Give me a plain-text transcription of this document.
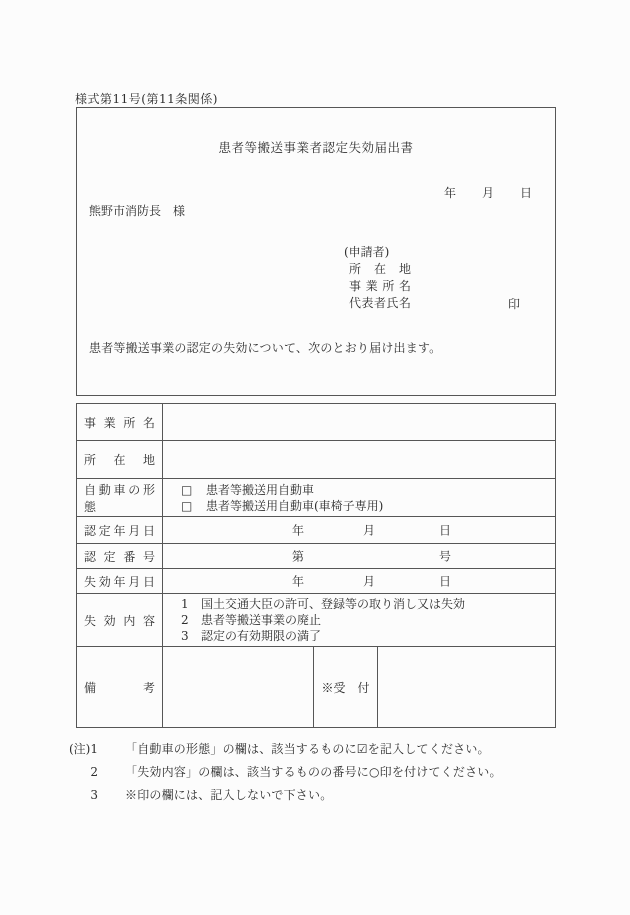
様式第11号(第11条関係)
患者等搬送事業者認定失効届出書
年 月 日
熊野市消防長　様
(申請者)
所在地
事業所名
代表者氏名	印
患者等搬送事業の認定の失効について、次のとおり届け出ます。
事業所名
所在地
自動車の形態
□	患者等搬送用自動車
□	患者等搬送用自動車(車椅子専用)
認定年月日	年	月	日
認定番号	第	号
失効年月日	年	月	日
失効内容
1 国土交通大臣の許可、登録等の取り消し又は失効
2 患者等搬送事業の廃止
3 認定の有効期限の満了
備考	※受　付
(注)1 「自動車の形態」の欄は、該当するものに☑を記入してください。
2 「失効内容」の欄は、該当するものの番号に○印を付けてください。
3 ※印の欄には、記入しないで下さい。
